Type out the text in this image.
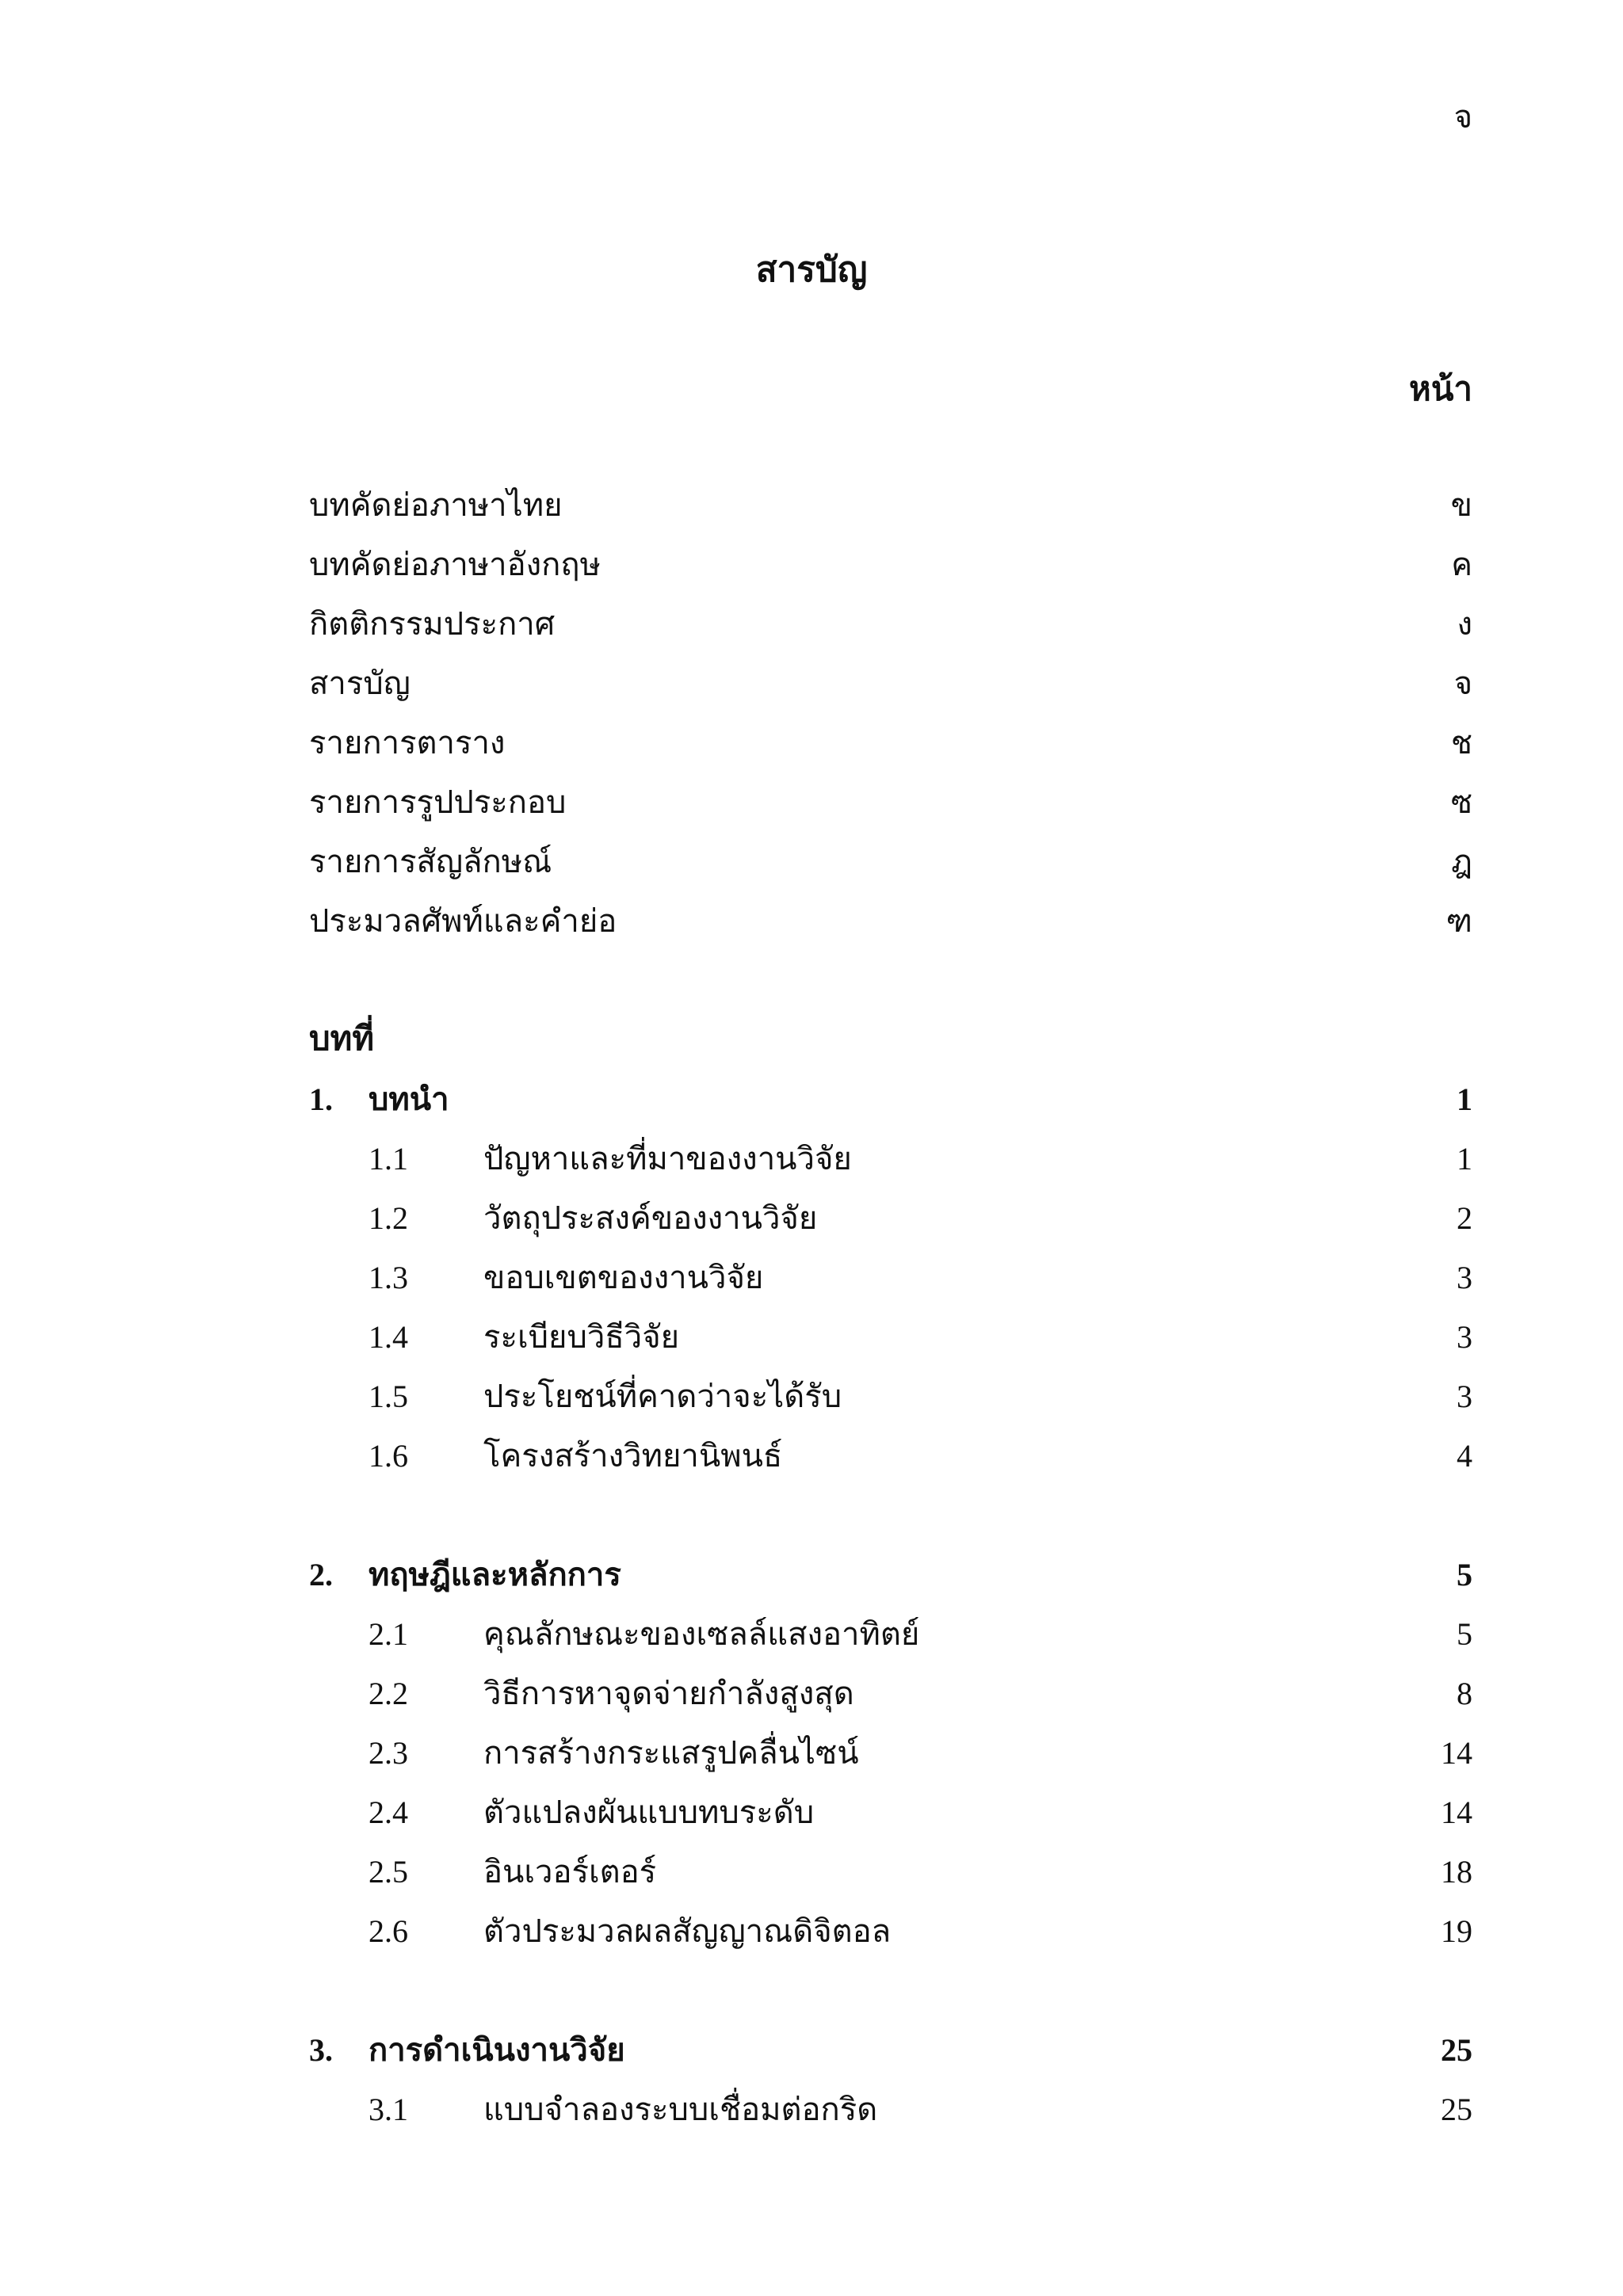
จ
สารบัญ
หน้า
บทคัดย่อภาษาไทย	ข
บทคัดย่อภาษาอังกฤษ	ค
กิตติกรรมประกาศ	ง
สารบัญ	จ
รายการตาราง	ช
รายการรูปประกอบ	ซ
รายการสัญลักษณ์	ฎ
ประมวลศัพท์และคำย่อ	ฑ
บทที่
1. บทนำ	1
1.1 ปัญหาและที่มาของงานวิจัย	1
1.2 วัตถุประสงค์ของงานวิจัย	2
1.3 ขอบเขตของงานวิจัย	3
1.4 ระเบียบวิธีวิจัย	3
1.5 ประโยชน์ที่คาดว่าจะได้รับ	3
1.6 โครงสร้างวิทยานิพนธ์	4
2. ทฤษฎีและหลักการ	5
2.1 คุณลักษณะของเซลล์แสงอาทิตย์	5
2.2 วิธีการหาจุดจ่ายกำลังสูงสุด	8
2.3 การสร้างกระแสรูปคลื่นไซน์	14
2.4 ตัวแปลงผันแบบทบระดับ	14
2.5 อินเวอร์เตอร์	18
2.6 ตัวประมวลผลสัญญาณดิจิตอล	19
3. การดำเนินงานวิจัย	25
3.1 แบบจำลองระบบเชื่อมต่อกริด	25
